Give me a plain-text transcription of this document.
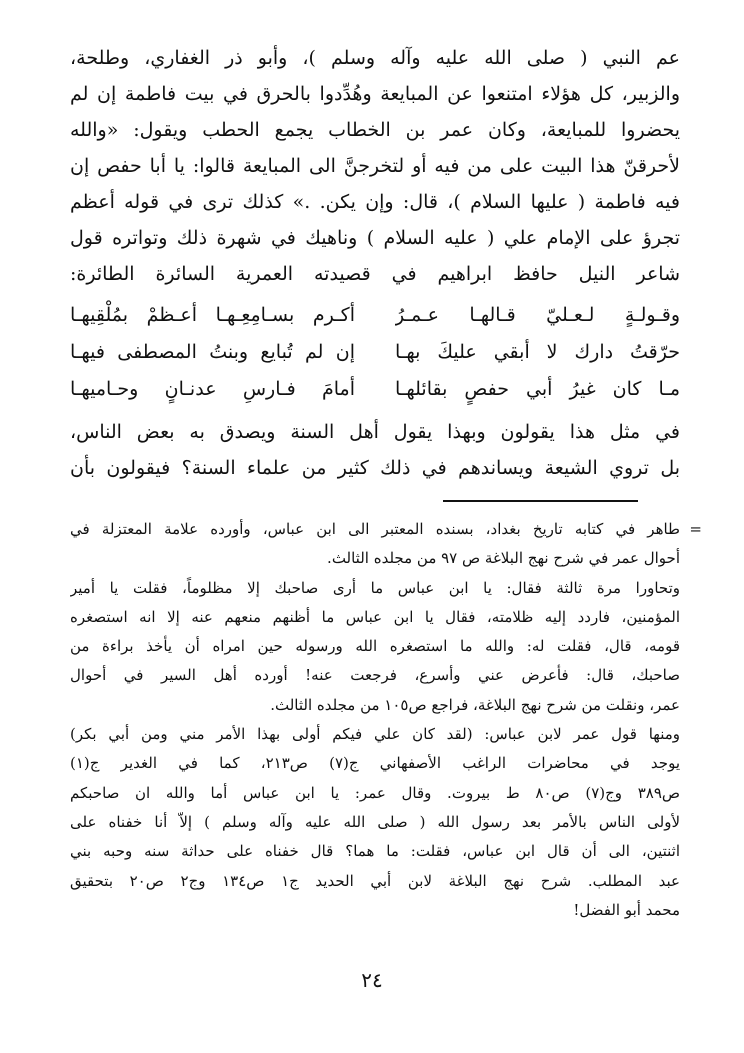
عم النبي ( صلى الله عليه وآله وسلم )، وأبو ذر الغفاري، وطلحة،
والزبير، كل هؤلاء امتنعوا عن المبايعة وهُدِّدوا بالحرق في بيت فاطمة إن لم
يحضروا للمبايعة، وكان عمر بن الخطاب يجمع الحطب ويقول: «والله
لأحرقنّ هذا البيت على من فيه أو لتخرجنَّ الى المبايعة قالوا: يا أبا حفص إن
فيه فاطمة ( عليها السلام )، قال: وإن يكن. .» كذلك ترى في قوله أعظم
تجرؤ على الإمام علي ( عليه السلام ) وناهيك في شهرة ذلك وتواتره قول
شاعر النيل حافظ ابراهيم في قصيدته العمرية السائرة الطائرة:
وقـولـةٍ لـعـليّ قـالهـا عـمـرُ
أكـرم بسـامِعِـهـا أعـظمْ بمُلْقِيهـا
حرّقتُ دارك لا أبقي عليكَ بهـا
إن لم تُبايع وبنتُ المصطفى فيهـا
مـا كان غيرُ أبي حفصٍ بقائلهـا
أمامَ فـارسِ عدنـانٍ وحـاميهـا
في مثل هذا يقولون وبهذا يقول أهل السنة ويصدق به بعض الناس،
بل تروي الشيعة ويساندهم في ذلك كثير من علماء السنة؟ فيقولون بأن
=
طاهر في كتابه تاريخ بغداد، بسنده المعتبر الى ابن عباس، وأورده علامة المعتزلة في
أحوال عمر في شرح نهج البلاغة ص ٩٧ من مجلده الثالث.
وتحاورا مرة ثالثة فقال: يا ابن عباس ما أرى صاحبك إلا مظلوماً، فقلت يا أمير
المؤمنين، فاردد إليه ظلامته، فقال يا ابن عباس ما أظنهم منعهم عنه إلا انه استصغره
قومه، قال، فقلت له: والله ما استصغره الله ورسوله حين امراه أن يأخذ براءة من
صاحبك، قال: فأعرض عني وأسرع، فرجعت عنه! أورده أهل السير في أحوال
عمر، ونقلت من شرح نهج البلاغة، فراجع ص١٠٥ من مجلده الثالث.
ومنها قول عمر لابن عباس: (لقد كان علي فيكم أولى بهذا الأمر مني ومن أبي بكر)
يوجد في محاضرات الراغب الأصفهاني ج(٧) ص٢١٣، كما في الغدير ج(١)
ص٣٨٩ وج(٧) ص٨٠ ط بيروت. وقال عمر: يا ابن عباس أما والله ان صاحبكم
لأولى الناس بالأمر بعد رسول الله ( صلى الله عليه وآله وسلم ) إلاّ أنا خفناه على
اثنتين، الى أن قال ابن عباس، فقلت: ما هما؟ قال خفناه على حداثة سنه وحبه بني
عبد المطلب. شرح نهج البلاغة لابن أبي الحديد ج١ ص١٣٤ وج٢ ص٢٠ بتحقيق
محمد أبو الفضل!
٢٤
